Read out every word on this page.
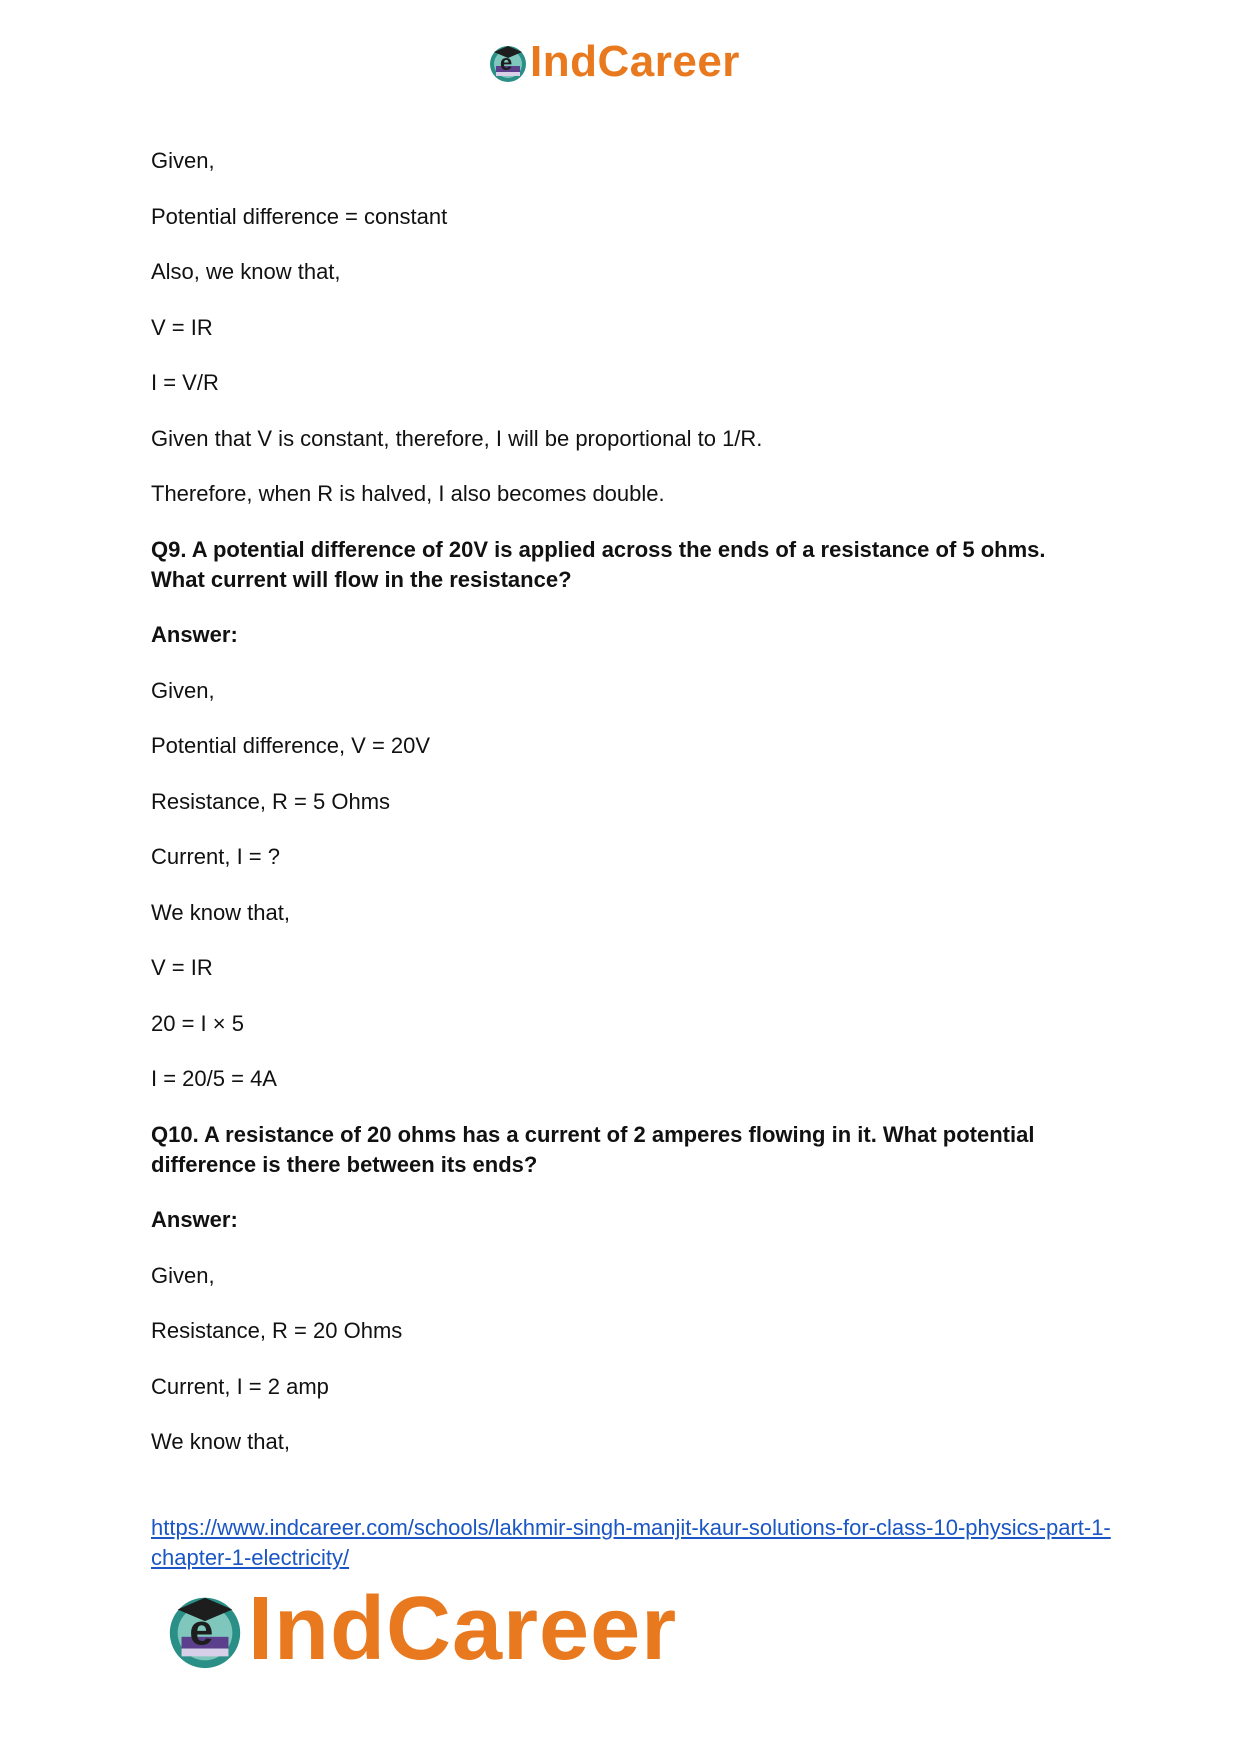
e IndCareer

Given,

Potential difference = constant

Also, we know that,

V = IR

I = V/R

Given that V is constant, therefore, I will be proportional to 1/R.

Therefore, when R is halved, I also becomes double.

Q9. A potential difference of 20V is applied across the ends of a resistance of 5 ohms. What current will flow in the resistance?

Answer:

Given,

Potential difference, V = 20V

Resistance, R = 5 Ohms

Current, I = ?

We know that,

V = IR

20 = I × 5

I = 20/5 = 4A

Q10. A resistance of 20 ohms has a current of 2 amperes flowing in it. What potential difference is there between its ends?

Answer:

Given,

Resistance, R = 20 Ohms

Current, I = 2 amp

We know that,

https://www.indcareer.com/schools/lakhmir-singh-manjit-kaur-solutions-for-class-10-physics-part-1-chapter-1-electricity/
e IndCareer
